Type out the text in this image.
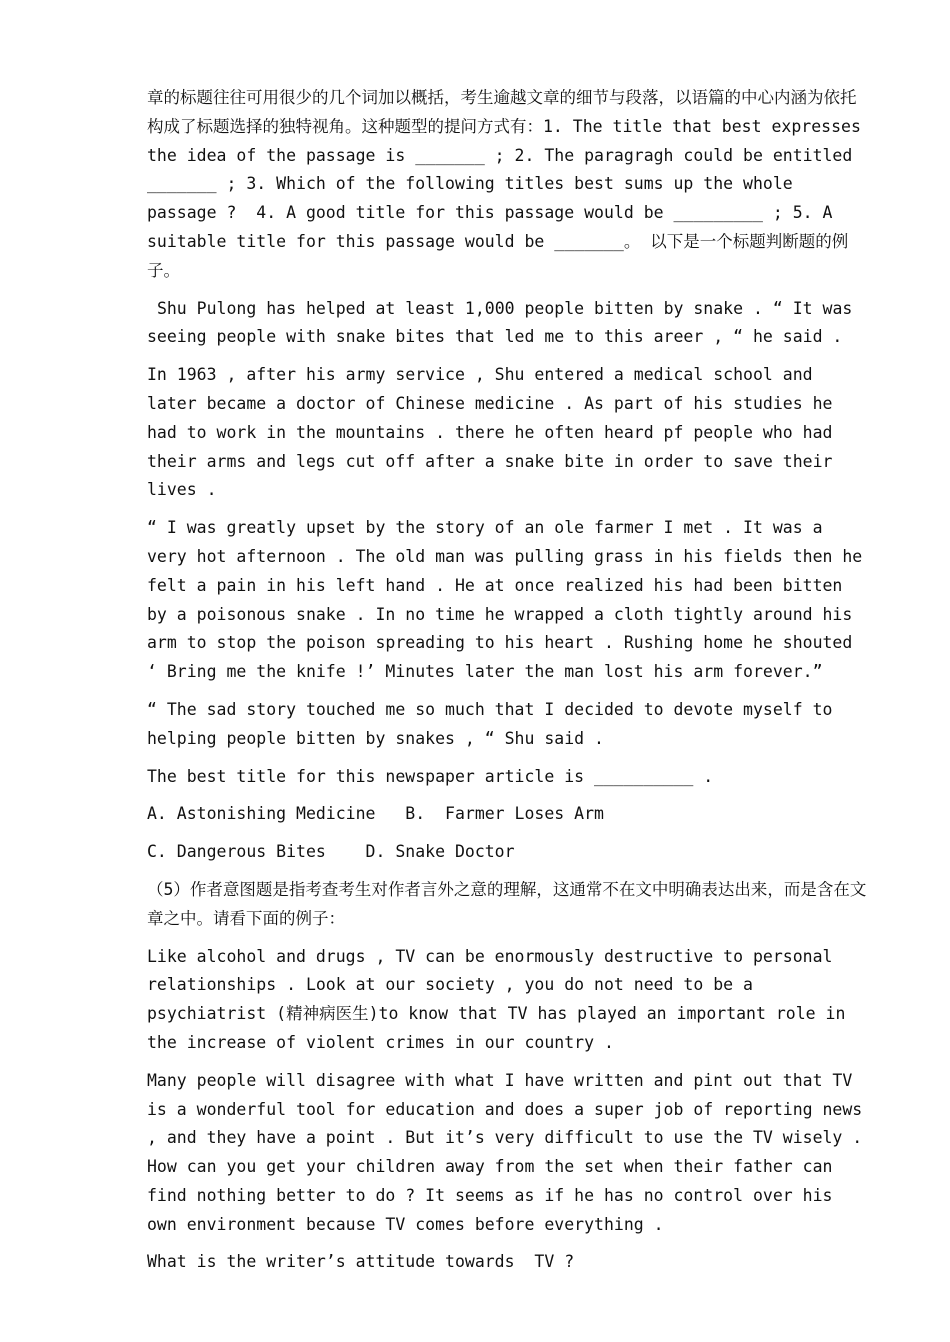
章的标题往往可用很少的几个词加以概括，考生逾越文章的细节与段落，以语篇的中心内涵为依托构成了标题选择的独特视角。这种题型的提问方式有：1. The title that best expresses the idea of the passage is _______ ; 2. The paragragh could be entitled _______ ; 3. Which of the following titles best sums up the whole passage ?  4. A good title for this passage would be _________ ; 5. A suitable title for this passage would be _______。 以下是一个标题判断题的例子。

Shu Pulong has helped at least 1,000 people bitten by snake . “ It was seeing people with snake bites that led me to this areer , “ he said .

In 1963 , after his army service , Shu entered a medical school and later became a doctor of Chinese medicine . As part of his studies he had to work in the mountains . there he often heard pf people who had their arms and legs cut off after a snake bite in order to save their lives .

“ I was greatly upset by the story of an ole farmer I met . It was a very hot afternoon . The old man was pulling grass in his fields then he felt a pain in his left hand . He at once realized his had been bitten by a poisonous snake . In no time he wrapped a cloth tightly around his arm to stop the poison spreading to his heart . Rushing home he shouted ‘ Bring me the knife !’ Minutes later the man lost his arm forever.”

“ The sad story touched me so much that I decided to devote myself to helping people bitten by snakes , “ Shu said .

The best title for this newspaper article is __________ .

A. Astonishing Medicine   B.  Farmer Loses Arm

C. Dangerous Bites    D. Snake Doctor

（5）作者意图题是指考查考生对作者言外之意的理解，这通常不在文中明确表达出来，而是含在文章之中。请看下面的例子：

Like alcohol and drugs , TV can be enormously destructive to personal relationships . Look at our society , you do not need to be a psychiatrist (精神病医生)to know that TV has played an important role in the increase of violent crimes in our country .

Many people will disagree with what I have written and pint out that TV is a wonderful tool for education and does a super job of reporting news , and they have a point . But it’s very difficult to use the TV wisely . How can you get your children away from the set when their father can find nothing better to do ? It seems as if he has no control over his own environment because TV comes before everything .

What is the writer’s attitude towards  TV ?
